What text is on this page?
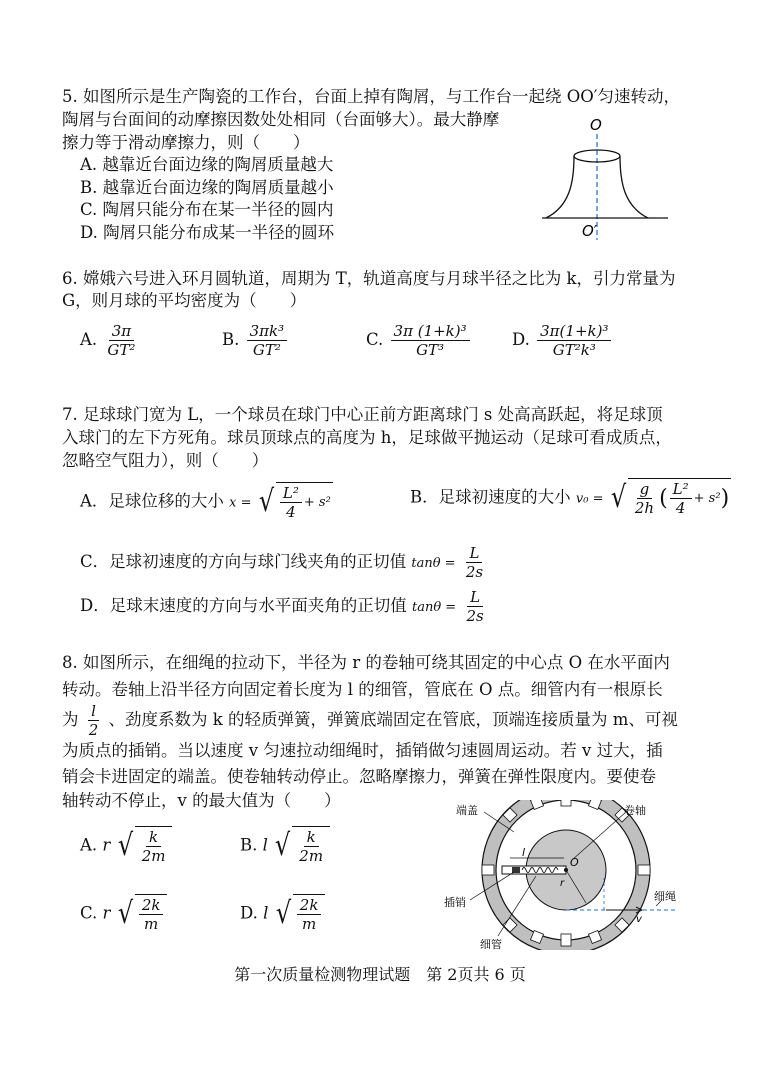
5. 如图所示是生产陶瓷的工作台，台面上掉有陶屑，与工作台一起绕 OO′匀速转动，
陶屑与台面间的动摩擦因数处处相同（台面够大）。最大静摩
擦力等于滑动摩擦力，则（　　）
A. 越靠近台面边缘的陶屑质量越大
B. 越靠近台面边缘的陶屑质量越小
C. 陶屑只能分布在某一半径的圆内
D. 陶屑只能分布成某一半径的圆环
O
O′
6. 嫦娥六号进入环月圆轨道，周期为 T，轨道高度与月球半径之比为 k，引力常量为
G，则月球的平均密度为（　　）
A. $\frac{3\pi}{\text{GT²}}$	B. $\frac{\text{3πk³}}{\text{GT²}}$	C. $\frac{\text{3π (1+k)³}}{\text{GT³}}$	D. $\frac{\text{3π(1+k)³}}{\text{GT²k³}}$
7. 足球球门宽为 L，一个球员在球门中心正前方距离球门 s 处高高跃起，将足球顶
入球门的左下方死角。球员顶球点的高度为 h，足球做平抛运动（足球可看成质点，
忽略空气阻力），则（　　）
A．足球位移的大小 x = √ $\frac{\text{L²}}{4} + s^2$	B．足球初速度的大小 v₀ = √ $\frac{g}{2h}$ ( $\frac{\text{L²}}{4} + s^2$ )
C．足球初速度的方向与球门线夹角的正切值 $\tan\theta = \frac{L}{2s}$
D．足球末速度的方向与水平面夹角的正切值 $\tan\theta = \frac{L}{2s}$
8. 如图所示，在细绳的拉动下，半径为 r 的卷轴可绕其固定的中心点 O 在水平面内
转动。卷轴上沿半径方向固定着长度为 l 的细管，管底在 O 点。细管内有一根原长
为 $\frac{l}{2}$ 、劲度系数为 k 的轻质弹簧，弹簧底端固定在管底，顶端连接质量为 m、可视
为质点的插销。当以速度 v 匀速拉动细绳时，插销做匀速圆周运动。若 v 过大，插
销会卡进固定的端盖。使卷轴转动停止。忽略摩擦力，弹簧在弹性限度内。要使卷
轴转动不停止，v 的最大值为（　　）
A. r √ $\frac{k}{2m}$	B. l √ $\frac{k}{2m}$
C. r √ $\frac{2k}{m}$	D. l √ $\frac{2k}{m}$
O
l
r
v
端盖	卷轴
插销	细绳
细管
第一次质量检测物理试题　第 2页共 6 页
